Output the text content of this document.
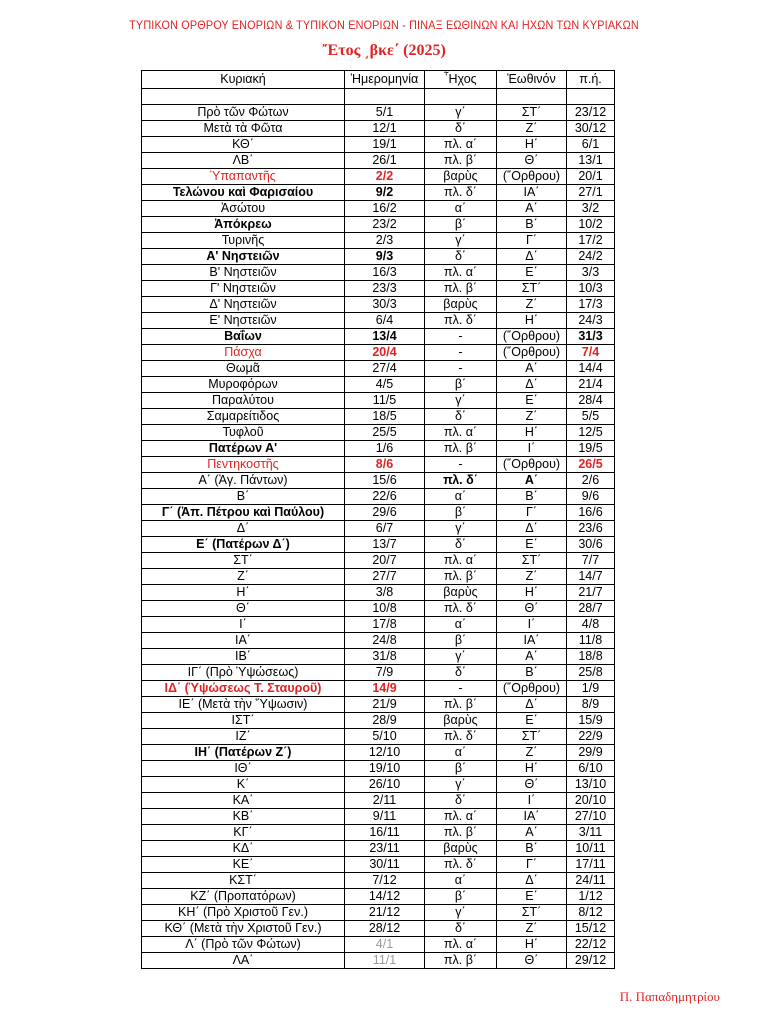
ΤΥΠΙΚΟΝ ΟΡΘΡΟΥ ΕΝΟΡΙΩΝ & ΤΥΠΙΚΟΝ ΕΝΟΡΙΩΝ - ΠΙΝΑΞ ΕΩΘΙΝΩΝ ΚΑΙ ΗΧΩΝ ΤΩΝ ΚΥΡΙΑΚΩΝ
῎Ετος ͵βκε΄ (2025)
Κυριακή	Ἡμερομηνία	῏Ηχος	Ἑωθινόν	π.ή.

Πρὸ τῶν Φώτων	5/1	γ΄	ΣΤ΄	23/12
Μετὰ τὰ Φῶτα	12/1	δ΄	Ζ΄	30/12
ΚΘ΄	19/1	πλ. α΄	Η΄	6/1
ΛΒ΄	26/1	πλ. β΄	Θ΄	13/1
Ὑπαπαντῆς	2/2	βαρὺς	(῎Ορθρου)	20/1
Τελώνου καὶ Φαρισαίου	9/2	πλ. δ΄	ΙΑ΄	27/1
Ἀσώτου	16/2	α΄	Α΄	3/2
Ἀπόκρεω	23/2	β΄	Β΄	10/2
Τυρινῆς	2/3	γ΄	Γ΄	17/2
Α' Νηστειῶν	9/3	δ΄	Δ΄	24/2
Β' Νηστειῶν	16/3	πλ. α΄	Ε΄	3/3
Γ' Νηστειῶν	23/3	πλ. β΄	ΣΤ΄	10/3
Δ' Νηστειῶν	30/3	βαρὺς	Ζ΄	17/3
Ε' Νηστειῶν	6/4	πλ. δ΄	Η΄	24/3
Βαΐων	13/4	-	(῎Ορθρου)	31/3
Πάσχα	20/4	-	(῎Ορθρου)	7/4
Θωμᾶ	27/4	-	Α΄	14/4
Μυροφόρων	4/5	β΄	Δ΄	21/4
Παραλύτου	11/5	γ΄	Ε΄	28/4
Σαμαρείτιδος	18/5	δ΄	Ζ΄	5/5
Τυφλοῦ	25/5	πλ. α΄	Η΄	12/5
Πατέρων Α'	1/6	πλ. β΄	Ι΄	19/5
Πεντηκοστῆς	8/6	-	(῎Ορθρου)	26/5
Α΄ (Ἁγ. Πάντων)	15/6	πλ. δ΄	Α΄	2/6
Β΄	22/6	α΄	Β΄	9/6
Γ΄ (Ἀπ. Πέτρου καὶ Παύλου)	29/6	β΄	Γ΄	16/6
Δ΄	6/7	γ΄	Δ΄	23/6
Ε΄ (Πατέρων Δ΄)	13/7	δ΄	Ε΄	30/6
ΣΤ΄	20/7	πλ. α΄	ΣΤ΄	7/7
Ζ΄	27/7	πλ. β΄	Ζ΄	14/7
Η΄	3/8	βαρὺς	Η΄	21/7
Θ΄	10/8	πλ. δ΄	Θ΄	28/7
Ι΄	17/8	α΄	Ι΄	4/8
ΙΑ΄	24/8	β΄	ΙΑ΄	11/8
ΙΒ΄	31/8	γ΄	Α΄	18/8
ΙΓ΄ (Πρὸ Ὑψώσεως)	7/9	δ΄	Β΄	25/8
ΙΔ΄ (Ὑψώσεως Τ. Σταυροῦ)	14/9	-	(῎Ορθρου)	1/9
ΙΕ΄ (Μετὰ τὴν ῞Υψωσιν)	21/9	πλ. β΄	Δ΄	8/9
ΙΣΤ΄	28/9	βαρὺς	Ε΄	15/9
ΙΖ΄	5/10	πλ. δ΄	ΣΤ΄	22/9
ΙΗ΄ (Πατέρων Ζ΄)	12/10	α΄	Ζ΄	29/9
ΙΘ΄	19/10	β΄	Η΄	6/10
Κ΄	26/10	γ΄	Θ΄	13/10
ΚΑ΄	2/11	δ΄	Ι΄	20/10
ΚΒ΄	9/11	πλ. α΄	ΙΑ΄	27/10
ΚΓ΄	16/11	πλ. β΄	Α΄	3/11
ΚΔ΄	23/11	βαρὺς	Β΄	10/11
ΚΕ΄	30/11	πλ. δ΄	Γ΄	17/11
ΚΣΤ΄	7/12	α΄	Δ΄	24/11
ΚΖ΄ (Προπατόρων)	14/12	β΄	Ε΄	1/12
ΚΗ΄ (Πρὸ Χριστοῦ Γεν.)	21/12	γ΄	ΣΤ΄	8/12
ΚΘ΄ (Μετὰ τὴν Χριστοῦ Γεν.)	28/12	δ΄	Ζ΄	15/12
Λ΄ (Πρὸ τῶν Φώτων)	4/1	πλ. α΄	Η΄	22/12
ΛΑ΄	11/1	πλ. β΄	Θ΄	29/12
Π. Παπαδημητρίου
